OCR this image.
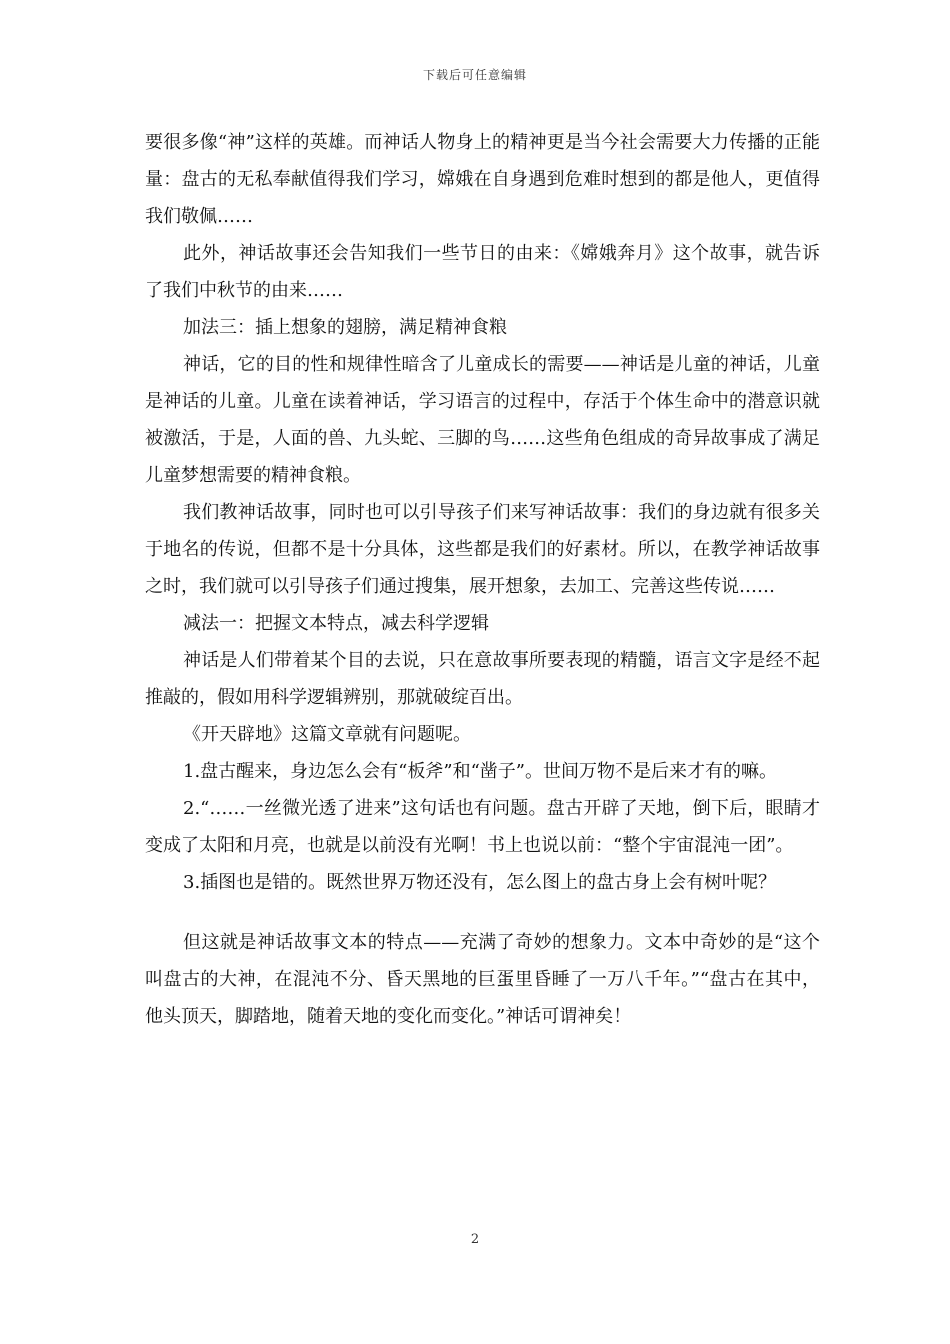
下载后可任意编辑

要很多像“神”这样的英雄。而神话人物身上的精神更是当今社会需要大力传播的正能量：盘古的无私奉献值得我们学习，嫦娥在自身遇到危难时想到的都是他人，更值得我们敬佩……

此外，神话故事还会告知我们一些节日的由来：《嫦娥奔月》这个故事，就告诉了我们中秋节的由来……

加法三：插上想象的翅膀，满足精神食粮

神话，它的目的性和规律性暗含了儿童成长的需要——神话是儿童的神话，儿童是神话的儿童。儿童在读着神话，学习语言的过程中，存活于个体生命中的潜意识就被激活，于是，人面的兽、九头蛇、三脚的鸟……这些角色组成的奇异故事成了满足儿童梦想需要的精神食粮。

我们教神话故事，同时也可以引导孩子们来写神话故事：我们的身边就有很多关于地名的传说，但都不是十分具体，这些都是我们的好素材。所以，在教学神话故事之时，我们就可以引导孩子们通过搜集，展开想象，去加工、完善这些传说……

减法一：把握文本特点，减去科学逻辑

神话是人们带着某个目的去说，只在意故事所要表现的精髓，语言文字是经不起推敲的，假如用科学逻辑辨别，那就破绽百出。

《开天辟地》这篇文章就有问题呢。

1.盘古醒来，身边怎么会有“板斧”和“凿子”。世间万物不是后来才有的嘛。

2.“……一丝微光透了进来”这句话也有问题。盘古开辟了天地，倒下后，眼睛才变成了太阳和月亮，也就是以前没有光啊！书上也说以前：“整个宇宙混沌一团”。

3.插图也是错的。既然世界万物还没有，怎么图上的盘古身上会有树叶呢？

但这就是神话故事文本的特点——充满了奇妙的想象力。文本中奇妙的是“这个叫盘古的大神，在混沌不分、昏天黑地的巨蛋里昏睡了一万八千年。”“盘古在其中，他头顶天，脚踏地，随着天地的变化而变化。”神话可谓神矣！

2
